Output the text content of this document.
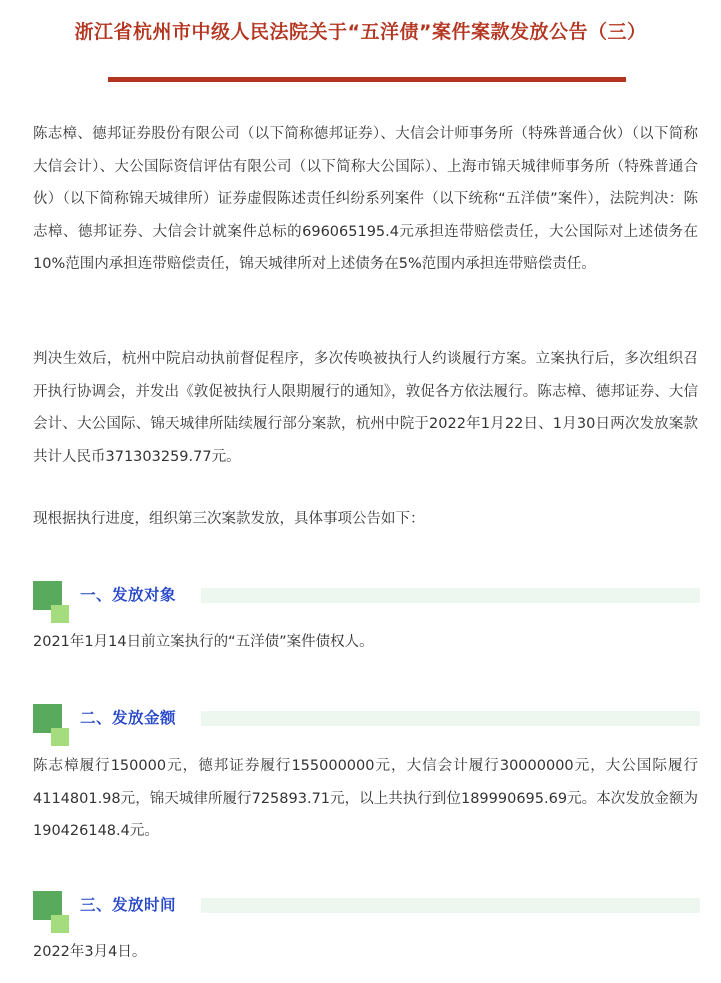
浙江省杭州市中级人民法院关于“五洋债”案件案款发放公告（三）

陈志樟、德邦证券股份有限公司（以下简称德邦证券）、大信会计师事务所（特殊普通合伙）（以下简称大信会计）、大公国际资信评估有限公司（以下简称大公国际）、上海市锦天城律师事务所（特殊普通合伙）（以下简称锦天城律所）证券虚假陈述责任纠纷系列案件（以下统称“五洋债”案件），法院判决：陈志樟、德邦证券、大信会计就案件总标的696065195.4元承担连带赔偿责任，大公国际对上述债务在10%范围内承担连带赔偿责任，锦天城律所对上述债务在5%范围内承担连带赔偿责任。

判决生效后，杭州中院启动执前督促程序，多次传唤被执行人约谈履行方案。立案执行后，多次组织召开执行协调会，并发出《敦促被执行人限期履行的通知》，敦促各方依法履行。陈志樟、德邦证券、大信会计、大公国际、锦天城律所陆续履行部分案款，杭州中院于2022年1月22日、1月30日两次发放案款共计人民币371303259.77元。

现根据执行进度，组织第三次案款发放，具体事项公告如下：

一、发放对象

2021年1月14日前立案执行的“五洋债”案件债权人。

二、发放金额

陈志樟履行150000元，德邦证券履行155000000元，大信会计履行30000000元，大公国际履行4114801.98元，锦天城律所履行725893.71元，以上共执行到位189990695.69元。本次发放金额为190426148.4元。

三、发放时间

2022年3月4日。
